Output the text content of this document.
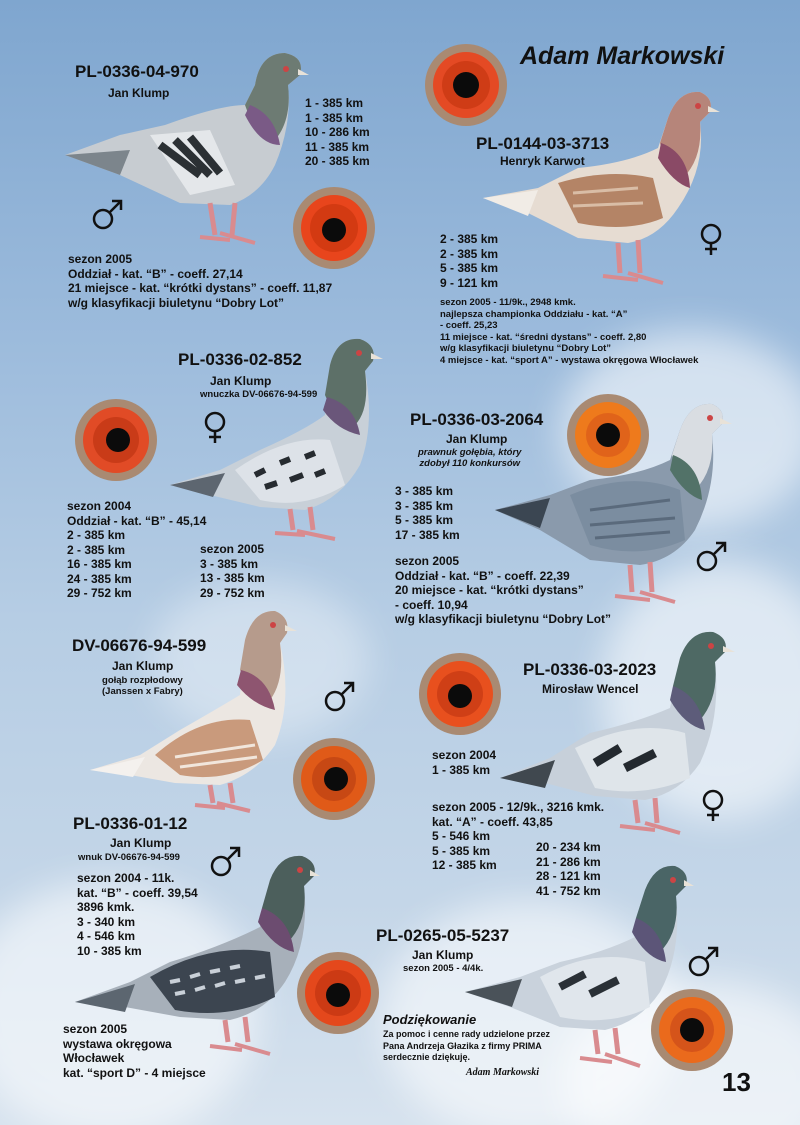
Adam Markowski
PL-0336-04-970
Jan Klump
1 - 385 km
1 - 385 km
10 - 286 km
11 - 385 km
20 - 385 km
sezon 2005
Oddział - kat. “B” - coeff. 27,14
21 miejsce - kat. “krótki dystans” - coeff. 11,87
w/g klasyfikacji biuletynu “Dobry Lot”
PL-0144-03-3713
Henryk Karwot
2 - 385 km
2 - 385 km
5 - 385 km
9 - 121 km
sezon 2005 - 11/9k., 2948 kmk.
najlepsza championka Oddziału - kat. “A”
- coeff. 25,23
11 miejsce - kat. “średni dystans” - coeff. 2,80
w/g klasyfikacji biuletynu “Dobry Lot”
4 miejsce - kat. “sport A” - wystawa okręgowa Włocławek
PL-0336-02-852
Jan Klump
wnuczka DV-06676-94-599
sezon 2004
Oddział - kat. “B” - 45,14
2 - 385 km
2 - 385 km
16 - 385 km
24 - 385 km
29 - 752 km
sezon 2005
3 - 385 km
13 - 385 km
29 - 752 km
PL-0336-03-2064
Jan Klump
prawnuk gołębia, który
zdobył 110 konkursów
3 - 385 km
3 - 385 km
5 - 385 km
17 - 385 km
sezon 2005
Oddział - kat. “B” - coeff. 22,39
20 miejsce - kat. “krótki dystans”
- coeff. 10,94
w/g klasyfikacji biuletynu “Dobry Lot”
DV-06676-94-599
Jan Klump
gołąb rozpłodowy
(Janssen x Fabry)
PL-0336-03-2023
Mirosław Wencel
sezon 2004
1 - 385 km
sezon 2005 - 12/9k., 3216 kmk.
kat. “A” - coeff. 43,85
5 - 546 km
5 - 385 km
12 - 385 km
20 - 234 km
21 - 286 km
28 - 121 km
41 - 752 km
PL-0336-01-12
Jan Klump
wnuk DV-06676-94-599
sezon 2004 - 11k.
kat. “B” - coeff. 39,54
3896 kmk.
3 - 340 km
4 - 546 km
10 - 385 km
sezon 2005
wystawa okręgowa
Włocławek
kat. “sport D” - 4 miejsce
PL-0265-05-5237
Jan Klump
sezon 2005 - 4/4k.
Podziękowanie
Za pomoc i cenne rady udzielone przez
Pana Andrzeja Głazika z firmy PRIMA
serdecznie dziękuję.
Adam Markowski	13
